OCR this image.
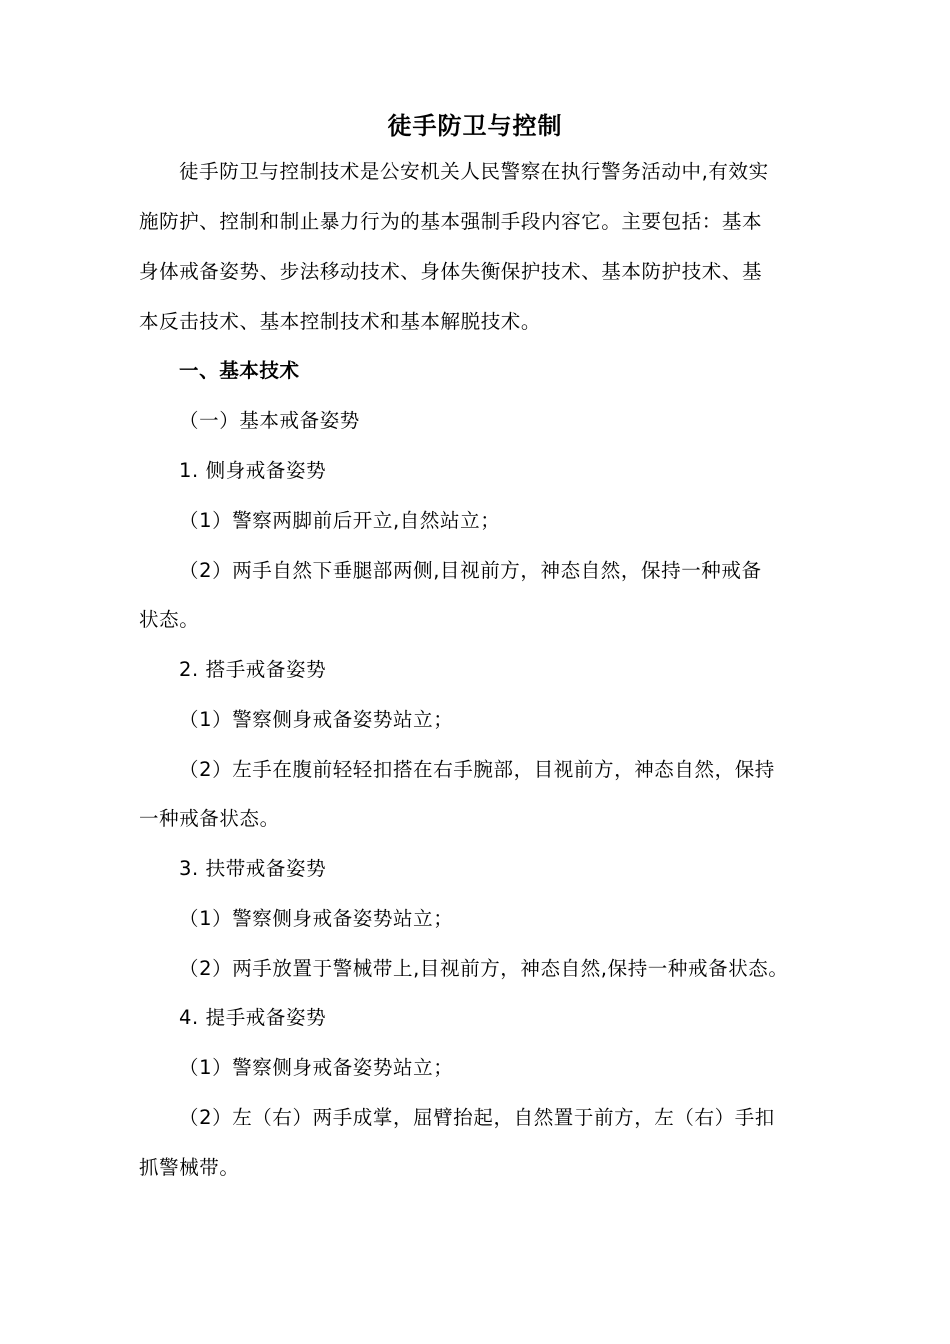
徒手防卫与控制
徒手防卫与控制技术是公安机关人民警察在执行警务活动中,有效实
施防护、控制和制止暴力行为的基本强制手段内容它。主要包括：基本
身体戒备姿势、步法移动技术、身体失衡保护技术、基本防护技术、基
本反击技术、基本控制技术和基本解脱技术。
一、基本技术
（一）基本戒备姿势
1. 侧身戒备姿势
（1）警察两脚前后开立,自然站立；
（2）两手自然下垂腿部两侧,目视前方，神态自然，保持一种戒备
状态。
2. 搭手戒备姿势
（1）警察侧身戒备姿势站立；
（2）左手在腹前轻轻扣搭在右手腕部，目视前方，神态自然，保持
一种戒备状态。
3. 扶带戒备姿势
（1）警察侧身戒备姿势站立；
（2）两手放置于警械带上,目视前方，神态自然,保持一种戒备状态。
4. 提手戒备姿势
（1）警察侧身戒备姿势站立；
（2）左（右）两手成掌，屈臂抬起，自然置于前方，左（右）手扣
抓警械带。
